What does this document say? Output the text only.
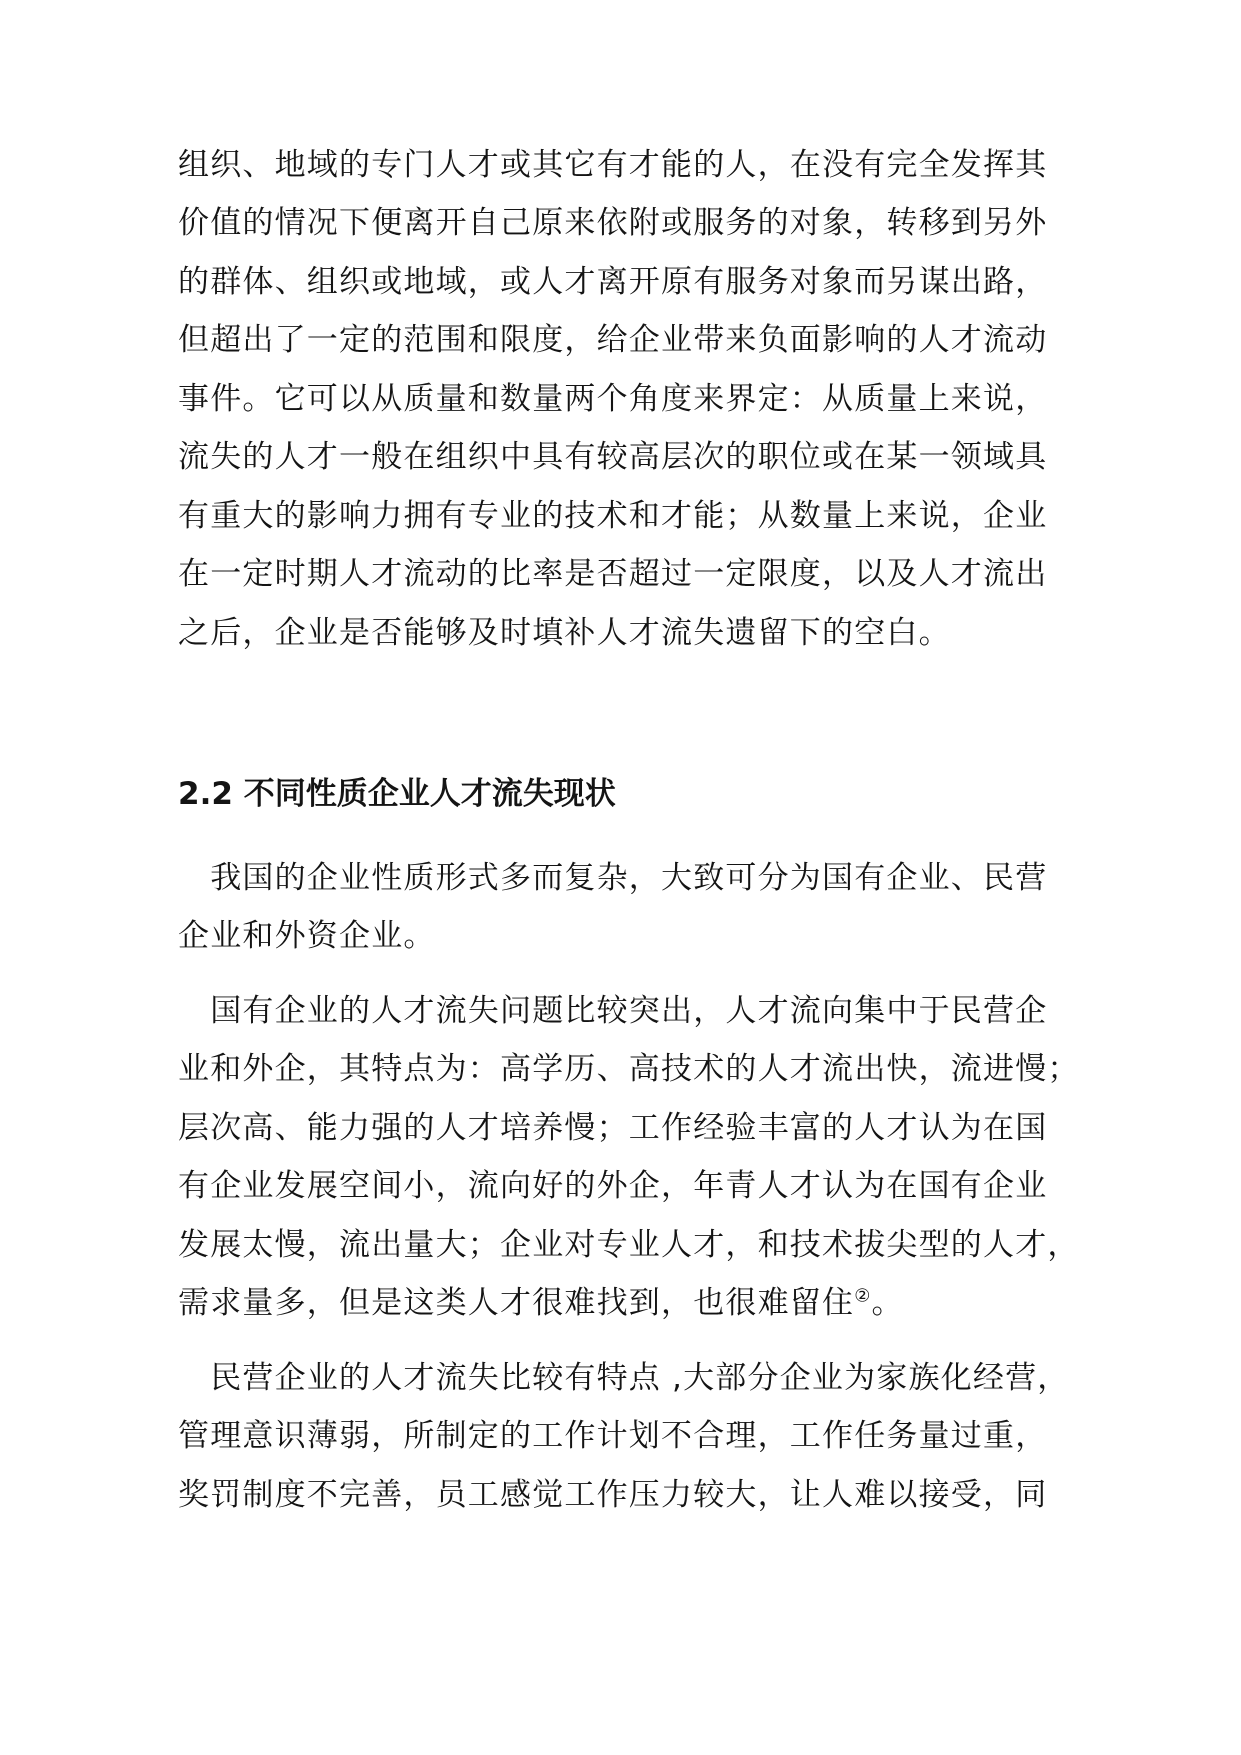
组织、地域的专门人才或其它有才能的人，在没有完全发挥其
价值的情况下便离开自己原来依附或服务的对象，转移到另外
的群体、组织或地域，或人才离开原有服务对象而另谋出路，
但超出了一定的范围和限度，给企业带来负面影响的人才流动
事件。它可以从质量和数量两个角度来界定：从质量上来说，
流失的人才一般在组织中具有较高层次的职位或在某一领域具
有重大的影响力拥有专业的技术和才能；从数量上来说，企业
在一定时期人才流动的比率是否超过一定限度，以及人才流出
之后，企业是否能够及时填补人才流失遗留下的空白。
2.2 不同性质企业人才流失现状
　我国的企业性质形式多而复杂，大致可分为国有企业、民营
企业和外资企业。
　国有企业的人才流失问题比较突出，人才流向集中于民营企
业和外企，其特点为：高学历、高技术的人才流出快，流进慢；
层次高、能力强的人才培养慢；工作经验丰富的人才认为在国
有企业发展空间小，流向好的外企，年青人才认为在国有企业
发展太慢，流出量大；企业对专业人才，和技术拔尖型的人才，
需求量多，但是这类人才很难找到，也很难留住②。
　民营企业的人才流失比较有特点 ,大部分企业为家族化经营，
管理意识薄弱，所制定的工作计划不合理，工作任务量过重，
奖罚制度不完善，员工感觉工作压力较大，让人难以接受，同
